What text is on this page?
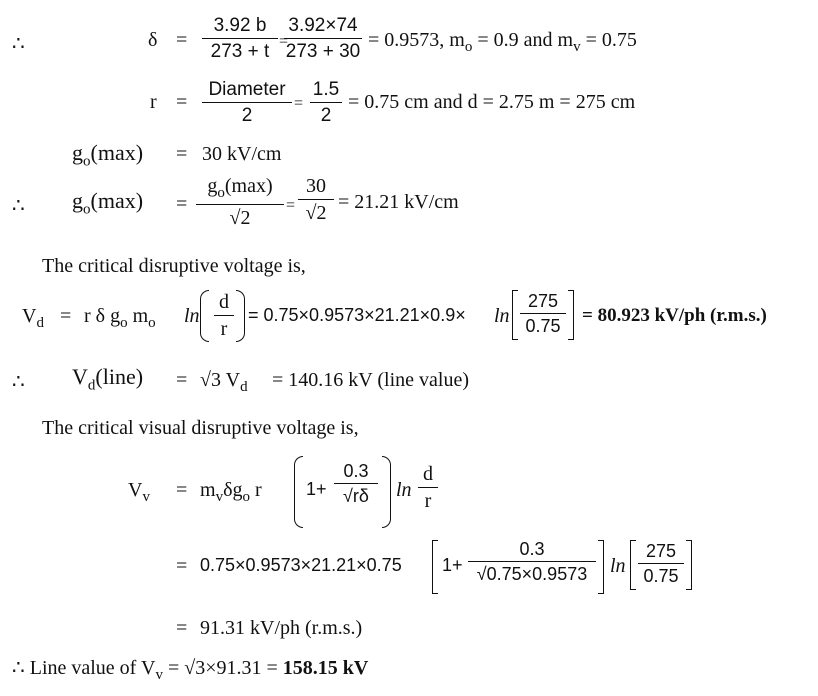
∴	δ =
3.92 b
273 + t =
3.92×74
273 + 30
= 0.9573, $m_o = 0.9$ and $m_v = 0.75$
r =
Diameter
2
=
1.5
2
= 0.75 cm and d = 2.75 m = 275 cm
$g_o(\max) = 30$ kV/cm
∴ $g_o(\max)$ =
$g_o(\max)$
√2
=
30
√2 = 21.21 kV/cm
The critical disruptive voltage is,
$V_d = r$ δ $g_o$ $m_o$ ln
d
r
= 0.75×0.9573×21.21×0.9× ln
275
0.75 = 80.923 kV/ph (r.m.s.)
∴ $V_d(line) = √3$ $V_d = 140.16$ kV (line value)
The critical visual disruptive voltage is,
$V_v = m_v\delta g_o$ r 1+
0.3
√rδ	ln
d
r
= 0.75×0.9573×21.21×0.75 1+
0.3
√0.75×0.9573	ln
275
0.75
= 91.31 kV/ph (r.m.s.)
∴ Line value of $V_v = √3\times 91.31 = 158.15$ kV
